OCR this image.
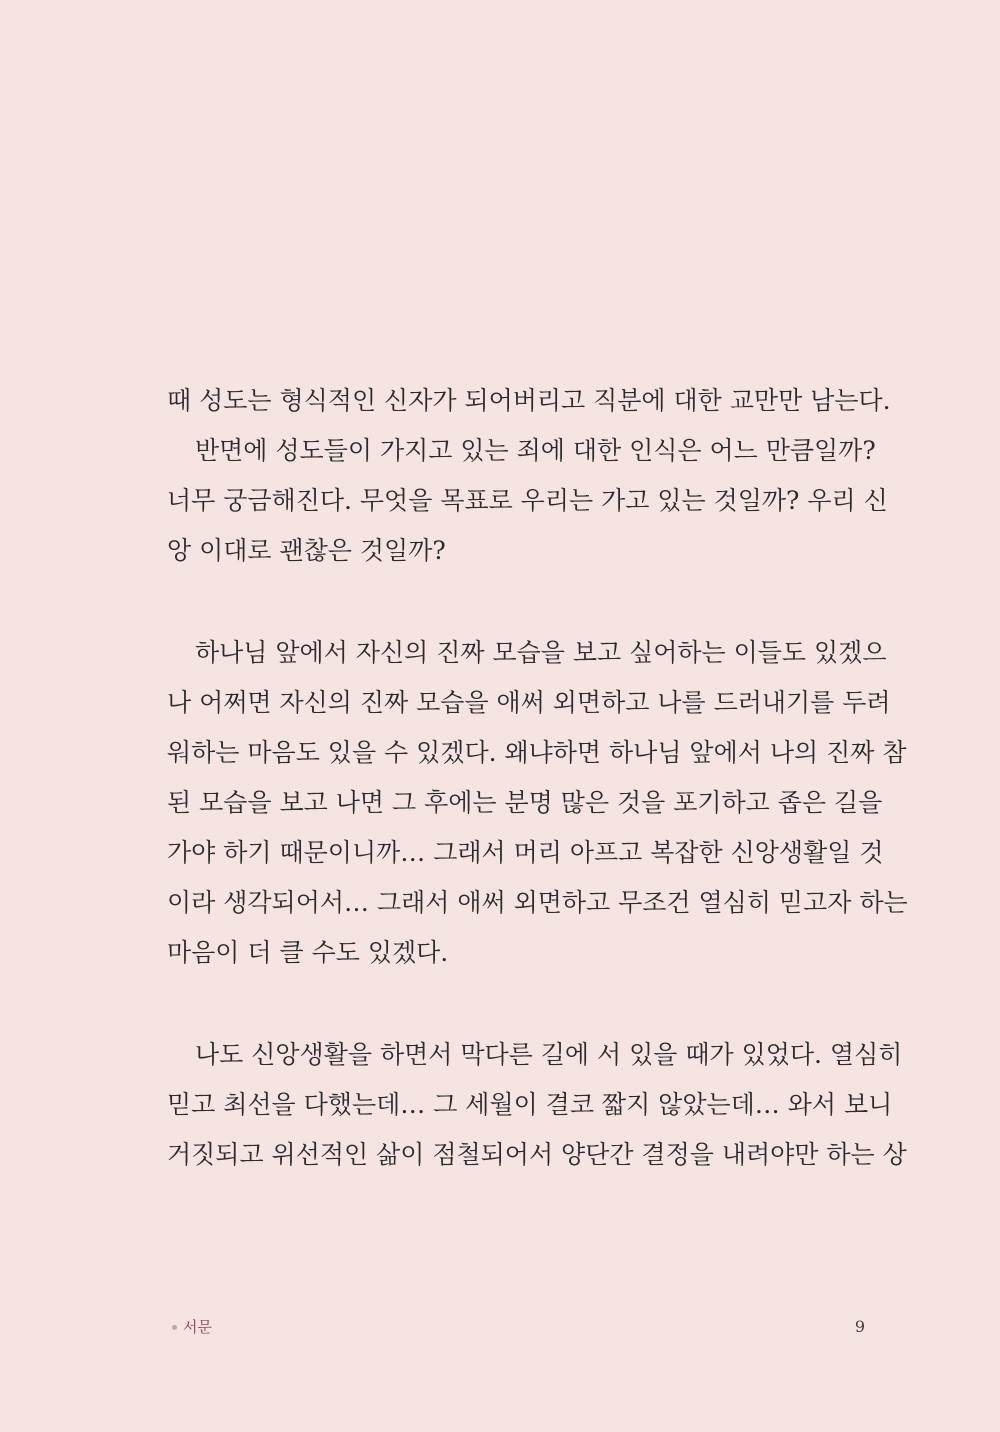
때 성도는 형식적인 신자가 되어버리고 직분에 대한 교만만 남는다.
반면에 성도들이 가지고 있는 죄에 대한 인식은 어느 만큼일까?
너무 궁금해진다. 무엇을 목표로 우리는 가고 있는 것일까? 우리 신
앙 이대로 괜찮은 것일까?
하나님 앞에서 자신의 진짜 모습을 보고 싶어하는 이들도 있겠으
나 어쩌면 자신의 진짜 모습을 애써 외면하고 나를 드러내기를 두려
워하는 마음도 있을 수 있겠다. 왜냐하면 하나님 앞에서 나의 진짜 참
된 모습을 보고 나면 그 후에는 분명 많은 것을 포기하고 좁은 길을
가야 하기 때문이니까… 그래서 머리 아프고 복잡한 신앙생활일 것
이라 생각되어서… 그래서 애써 외면하고 무조건 열심히 믿고자 하는
마음이 더 클 수도 있겠다.
나도 신앙생활을 하면서 막다른 길에 서 있을 때가 있었다. 열심히
믿고 최선을 다했는데… 그 세월이 결코 짧지 않았는데… 와서 보니
거짓되고 위선적인 삶이 점철되어서 양단간 결정을 내려야만 하는 상
서문	9
